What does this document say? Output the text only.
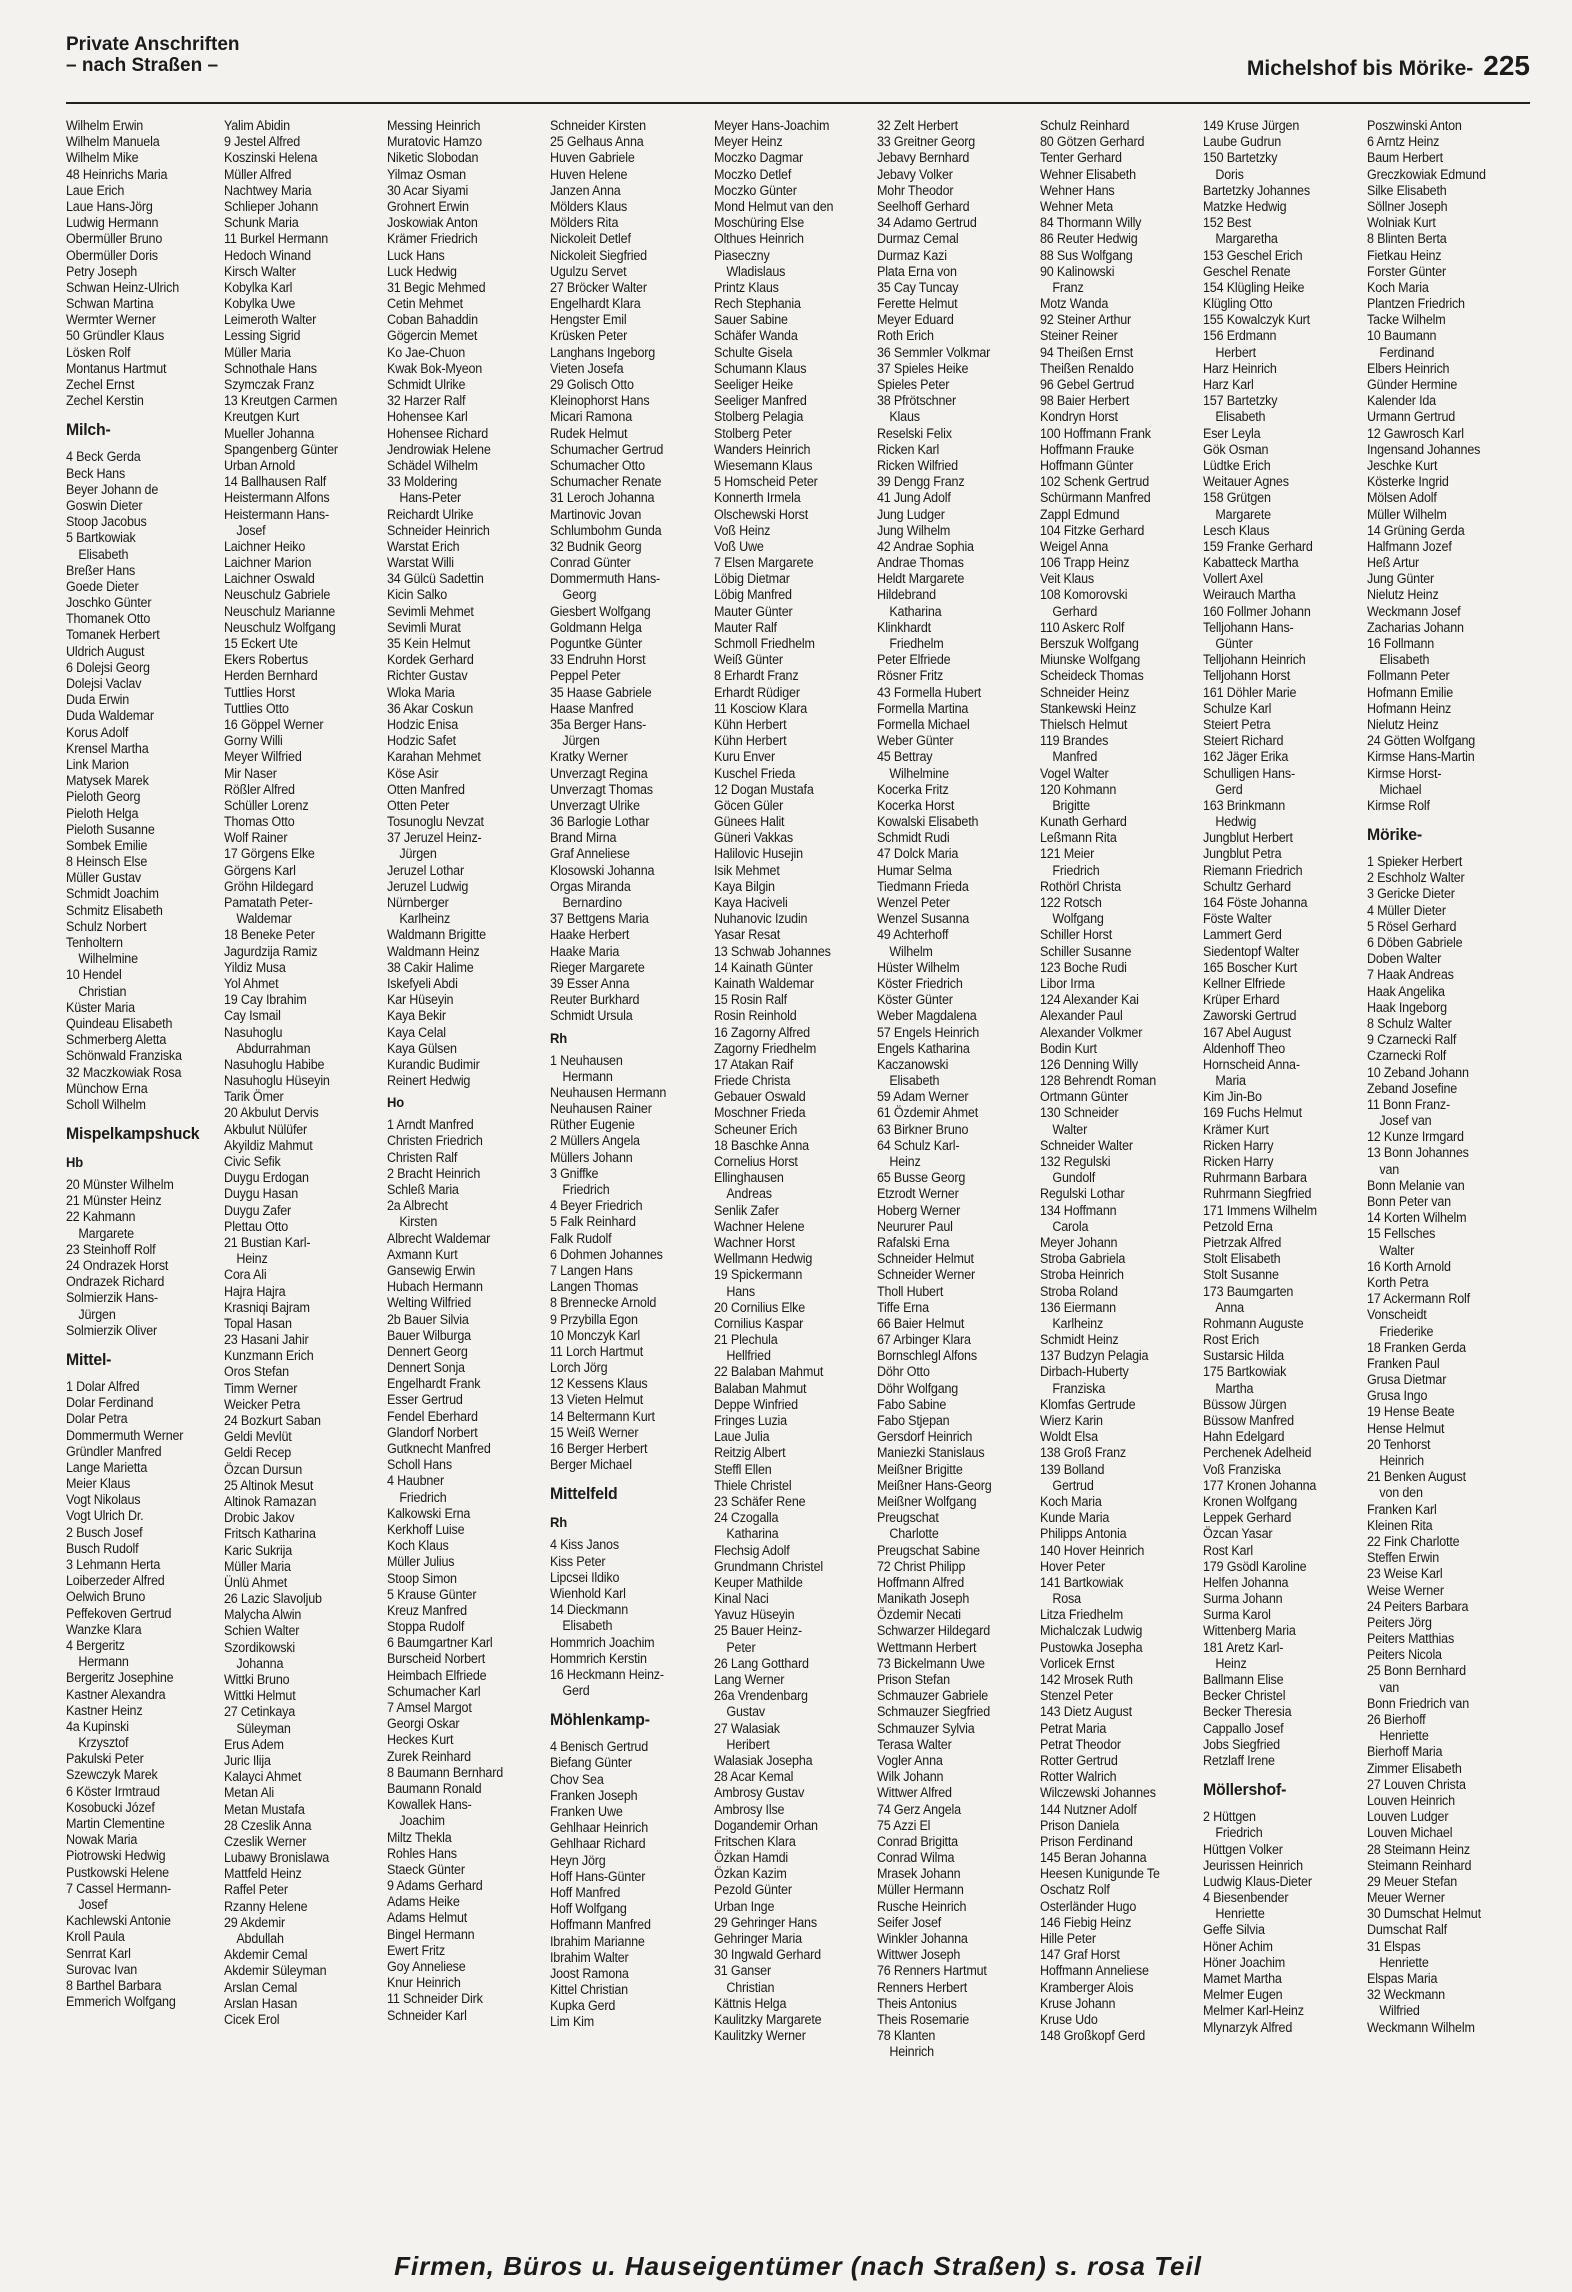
Private Anschriften
– nach Straßen –	Michelshof bis Mörike- 225
Wilhelm Erwin
Wilhelm Manuela
Wilhelm Mike
48 Heinrichs Maria
Laue Erich
Laue Hans-Jörg
Ludwig Hermann
Obermüller Bruno
Obermüller Doris
Petry Joseph
Schwan Heinz-Ulrich
Schwan Martina
Wermter Werner
50 Gründler Klaus
Lösken Rolf
Montanus Hartmut
Zechel Ernst
Zechel Kerstin
Milch-
4 Beck Gerda
Beck Hans
Beyer Johann de
Goswin Dieter
Stoop Jacobus
5 Bartkowiak
 Elisabeth
Breßer Hans
Goede Dieter
Joschko Günter
Thomanek Otto
Tomanek Herbert
Uldrich August
6 Dolejsi Georg
Dolejsi Vaclav
Duda Erwin
Duda Waldemar
Korus Adolf
Krensel Martha
Link Marion
Matysek Marek
Pieloth Georg
Pieloth Helga
Pieloth Susanne
Sombek Emilie
8 Heinsch Else
Müller Gustav
Schmidt Joachim
Schmitz Elisabeth
Schulz Norbert
Tenholtern
 Wilhelmine
10 Hendel
 Christian
Küster Maria
Quindeau Elisabeth
Schmerberg Aletta
Schönwald Franziska
32 Maczkowiak Rosa
Münchow Erna
Scholl Wilhelm
Mispelkampshuck
Hb
20 Münster Wilhelm
21 Münster Heinz
22 Kahmann
 Margarete
23 Steinhoff Rolf
24 Ondrazek Horst
Ondrazek Richard
Solmierzik Hans-
 Jürgen
Solmierzik Oliver
Mittel-
1 Dolar Alfred
Dolar Ferdinand
Dolar Petra
Dommermuth Werner
Gründler Manfred
Lange Marietta
Meier Klaus
Vogt Nikolaus
Vogt Ulrich Dr.
2 Busch Josef
Busch Rudolf
3 Lehmann Herta
Loiberzeder Alfred
Oelwich Bruno
Peffekoven Gertrud
Wanzke Klara
4 Bergeritz
 Hermann
Bergeritz Josephine
Kastner Alexandra
Kastner Heinz
4a Kupinski
 Krzysztof
Pakulski Peter
Szewczyk Marek
6 Köster Irmtraud
Kosobucki Józef
Martin Clementine
Nowak Maria
Piotrowski Hedwig
Pustkowski Helene
7 Cassel Hermann-
 Josef
Kachlewski Antonie
Kroll Paula
Senrrat Karl
Surovac Ivan
8 Barthel Barbara
Emmerich Wolfgang
Yalim Abidin
9 Jestel Alfred
Koszinski Helena
Müller Alfred
Nachtwey Maria
Schlieper Johann
Schunk Maria
11 Burkel Hermann
Hedoch Winand
Kirsch Walter
Kobylka Karl
Kobylka Uwe
Leimeroth Walter
Lessing Sigrid
Müller Maria
Schnothale Hans
Szymczak Franz
13 Kreutgen Carmen
Kreutgen Kurt
Mueller Johanna
Spangenberg Günter
Urban Arnold
14 Ballhausen Ralf
Heistermann Alfons
Heistermann Hans-
 Josef
Laichner Heiko
Laichner Marion
Laichner Oswald
Neuschulz Gabriele
Neuschulz Marianne
Neuschulz Wolfgang
15 Eckert Ute
Ekers Robertus
Herden Bernhard
Tuttlies Horst
Tuttlies Otto
16 Göppel Werner
Gorny Willi
Meyer Wilfried
Mir Naser
Rößler Alfred
Schüller Lorenz
Thomas Otto
Wolf Rainer
17 Görgens Elke
Görgens Karl
Gröhn Hildegard
Pamatath Peter-
 Waldemar
18 Beneke Peter
Jagurdzija Ramiz
Yildiz Musa
Yol Ahmet
19 Cay Ibrahim
Cay Ismail
Nasuhoglu
 Abdurrahman
Nasuhoglu Habibe
Nasuhoglu Hüseyin
Tarik Ömer
20 Akbulut Dervis
Akbulut Nülüfer
Akyildiz Mahmut
Civic Sefik
Duygu Erdogan
Duygu Hasan
Duygu Zafer
Plettau Otto
21 Bustian Karl-
 Heinz
Cora Ali
Hajra Hajra
Krasniqi Bajram
Topal Hasan
23 Hasani Jahir
Kunzmann Erich
Oros Stefan
Timm Werner
Weicker Petra
24 Bozkurt Saban
Geldi Mevlüt
Geldi Recep
Özcan Dursun
25 Altinok Mesut
Altinok Ramazan
Drobic Jakov
Fritsch Katharina
Karic Sukrija
Müller Maria
Ünlü Ahmet
26 Lazic Slavoljub
Malycha Alwin
Schien Walter
Szordikowski
 Johanna
Wittki Bruno
Wittki Helmut
27 Cetinkaya
 Süleyman
Erus Adem
Juric Ilija
Kalayci Ahmet
Metan Ali
Metan Mustafa
28 Czeslik Anna
Czeslik Werner
Lubawy Bronislawa
Mattfeld Heinz
Raffel Peter
Rzanny Helene
29 Akdemir
 Abdullah
Akdemir Cemal
Akdemir Süleyman
Arslan Cemal
Arslan Hasan
Cicek Erol
Messing Heinrich
Muratovic Hamzo
Niketic Slobodan
Yilmaz Osman
30 Acar Siyami
Grohnert Erwin
Joskowiak Anton
Krämer Friedrich
Luck Hans
Luck Hedwig
31 Begic Mehmed
Cetin Mehmet
Coban Bahaddin
Gögercin Memet
Ko Jae-Chuon
Kwak Bok-Myeon
Schmidt Ulrike
32 Harzer Ralf
Hohensee Karl
Hohensee Richard
Jendrowiak Helene
Schädel Wilhelm
33 Moldering
 Hans-Peter
Reichardt Ulrike
Schneider Heinrich
Warstat Erich
Warstat Willi
34 Gülcü Sadettin
Kicin Salko
Sevimli Mehmet
Sevimli Murat
35 Kein Helmut
Kordek Gerhard
Richter Gustav
Wloka Maria
36 Akar Coskun
Hodzic Enisa
Hodzic Safet
Karahan Mehmet
Köse Asir
Otten Manfred
Otten Peter
Tosunoglu Nevzat
37 Jeruzel Heinz-
 Jürgen
Jeruzel Lothar
Jeruzel Ludwig
Nürnberger
 Karlheinz
Waldmann Brigitte
Waldmann Heinz
38 Cakir Halime
Iskefyeli Abdi
Kar Hüseyin
Kaya Bekir
Kaya Celal
Kaya Gülsen
Kurandic Budimir
Reinert Hedwig
Ho
1 Arndt Manfred
Christen Friedrich
Christen Ralf
2 Bracht Heinrich
Schleß Maria
2a Albrecht
 Kirsten
Albrecht Waldemar
Axmann Kurt
Gansewig Erwin
Hubach Hermann
Welting Wilfried
2b Bauer Silvia
Bauer Wilburga
Dennert Georg
Dennert Sonja
Engelhardt Frank
Esser Gertrud
Fendel Eberhard
Glandorf Norbert
Gutknecht Manfred
Scholl Hans
4 Haubner
 Friedrich
Kalkowski Erna
Kerkhoff Luise
Koch Klaus
Müller Julius
Stoop Simon
5 Krause Günter
Kreuz Manfred
Stoppa Rudolf
6 Baumgartner Karl
Burscheid Norbert
Heimbach Elfriede
Schumacher Karl
7 Amsel Margot
Georgi Oskar
Heckes Kurt
Zurek Reinhard
8 Baumann Bernhard
Baumann Ronald
Kowallek Hans-
 Joachim
Miltz Thekla
Rohles Hans
Staeck Günter
9 Adams Gerhard
Adams Heike
Adams Helmut
Bingel Hermann
Ewert Fritz
Goy Anneliese
Knur Heinrich
11 Schneider Dirk
Schneider Karl
Schneider Kirsten
25 Gelhaus Anna
Huven Gabriele
Huven Helene
Janzen Anna
Mölders Klaus
Mölders Rita
Nickoleit Detlef
Nickoleit Siegfried
Ugulzu Servet
27 Bröcker Walter
Engelhardt Klara
Hengster Emil
Krüsken Peter
Langhans Ingeborg
Vieten Josefa
29 Golisch Otto
Kleinophorst Hans
Micari Ramona
Rudek Helmut
Schumacher Gertrud
Schumacher Otto
Schumacher Renate
31 Leroch Johanna
Martinovic Jovan
Schlumbohm Gunda
32 Budnik Georg
Conrad Günter
Dommermuth Hans-
 Georg
Giesbert Wolfgang
Goldmann Helga
Poguntke Günter
33 Endruhn Horst
Peppel Peter
35 Haase Gabriele
Haase Manfred
35a Berger Hans-
 Jürgen
Kratky Werner
Unverzagt Regina
Unverzagt Thomas
Unverzagt Ulrike
36 Barlogie Lothar
Brand Mirna
Graf Anneliese
Klosowski Johanna
Orgas Miranda
 Bernardino
37 Bettgens Maria
Haake Herbert
Haake Maria
Rieger Margarete
39 Esser Anna
Reuter Burkhard
Schmidt Ursula
Rh
1 Neuhausen
 Hermann
Neuhausen Hermann
Neuhausen Rainer
Rüther Eugenie
2 Müllers Angela
Müllers Johann
3 Gniffke
 Friedrich
4 Beyer Friedrich
5 Falk Reinhard
Falk Rudolf
6 Dohmen Johannes
7 Langen Hans
Langen Thomas
8 Brennecke Arnold
9 Przybilla Egon
10 Monczyk Karl
11 Lorch Hartmut
Lorch Jörg
12 Kessens Klaus
13 Vieten Helmut
14 Beltermann Kurt
15 Weiß Werner
16 Berger Herbert
Berger Michael
Mittelfeld
Rh
4 Kiss Janos
Kiss Peter
Lipcsei Ildiko
Wienhold Karl
14 Dieckmann
 Elisabeth
Hommrich Joachim
Hommrich Kerstin
16 Heckmann Heinz-
 Gerd
Möhlenkamp-
4 Benisch Gertrud
Biefang Günter
Chov Sea
Franken Joseph
Franken Uwe
Gehlhaar Heinrich
Gehlhaar Richard
Heyn Jörg
Hoff Hans-Günter
Hoff Manfred
Hoff Wolfgang
Hoffmann Manfred
Ibrahim Marianne
Ibrahim Walter
Joost Ramona
Kittel Christian
Kupka Gerd
Lim Kim
Meyer Hans-Joachim
Meyer Heinz
Moczko Dagmar
Moczko Detlef
Moczko Günter
Mond Helmut van den
Moschüring Else
Olthues Heinrich
Piaseczny
 Wladislaus
Printz Klaus
Rech Stephania
Sauer Sabine
Schäfer Wanda
Schulte Gisela
Schumann Klaus
Seeliger Heike
Seeliger Manfred
Stolberg Pelagia
Stolberg Peter
Wanders Heinrich
Wiesemann Klaus
5 Homscheid Peter
Konnerth Irmela
Olschewski Horst
Voß Heinz
Voß Uwe
7 Elsen Margarete
Löbig Dietmar
Löbig Manfred
Mauter Günter
Mauter Ralf
Schmoll Friedhelm
Weiß Günter
8 Erhardt Franz
Erhardt Rüdiger
11 Kosciow Klara
Kühn Herbert
Kühn Herbert
Kuru Enver
Kuschel Frieda
12 Dogan Mustafa
Göcen Güler
Günees Halit
Güneri Vakkas
Halilovic Husejin
Isik Mehmet
Kaya Bilgin
Kaya Haciveli
Nuhanovic Izudin
Yasar Resat
13 Schwab Johannes
14 Kainath Günter
Kainath Waldemar
15 Rosin Ralf
Rosin Reinhold
16 Zagorny Alfred
Zagorny Friedhelm
17 Atakan Raif
Friede Christa
Gebauer Oswald
Moschner Frieda
Scheuner Erich
18 Baschke Anna
Cornelius Horst
Ellinghausen
 Andreas
Senlik Zafer
Wachner Helene
Wachner Horst
Wellmann Hedwig
19 Spickermann
 Hans
20 Cornilius Elke
Cornilius Kaspar
21 Plechula
 Hellfried
22 Balaban Mahmut
Balaban Mahmut
Deppe Winfried
Fringes Luzia
Laue Julia
Reitzig Albert
Steffl Ellen
Thiele Christel
23 Schäfer Rene
24 Czogalla
 Katharina
Flechsig Adolf
Grundmann Christel
Keuper Mathilde
Kinal Naci
Yavuz Hüseyin
25 Bauer Heinz-
 Peter
26 Lang Gotthard
Lang Werner
26a Vrendenbarg
 Gustav
27 Walasiak
 Heribert
Walasiak Josepha
28 Acar Kemal
Ambrosy Gustav
Ambrosy Ilse
Dogandemir Orhan
Fritschen Klara
Özkan Hamdi
Özkan Kazim
Pezold Günter
Urban Inge
29 Gehringer Hans
Gehringer Maria
30 Ingwald Gerhard
31 Ganser
 Christian
Kättnis Helga
Kaulitzky Margarete
Kaulitzky Werner
32 Zelt Herbert
33 Greitner Georg
Jebavy Bernhard
Jebavy Volker
Mohr Theodor
Seelhoff Gerhard
34 Adamo Gertrud
Durmaz Cemal
Durmaz Kazi
Plata Erna von
35 Cay Tuncay
Ferette Helmut
Meyer Eduard
Roth Erich
36 Semmler Volkmar
37 Spieles Heike
Spieles Peter
38 Pfrötschner
 Klaus
Reselski Felix
Ricken Karl
Ricken Wilfried
39 Dengg Franz
41 Jung Adolf
Jung Ludger
Jung Wilhelm
42 Andrae Sophia
Andrae Thomas
Heldt Margarete
Hildebrand
 Katharina
Klinkhardt
 Friedhelm
Peter Elfriede
Rösner Fritz
43 Formella Hubert
Formella Martina
Formella Michael
Weber Günter
45 Bettray
 Wilhelmine
Kocerka Fritz
Kocerka Horst
Kowalski Elisabeth
Schmidt Rudi
47 Dolck Maria
Humar Selma
Tiedmann Frieda
Wenzel Peter
Wenzel Susanna
49 Achterhoff
 Wilhelm
Hüster Wilhelm
Köster Friedrich
Köster Günter
Weber Magdalena
57 Engels Heinrich
Engels Katharina
Kaczanowski
 Elisabeth
59 Adam Werner
61 Özdemir Ahmet
63 Birkner Bruno
64 Schulz Karl-
 Heinz
65 Busse Georg
Etzrodt Werner
Hoberg Werner
Neururer Paul
Rafalski Erna
Schneider Helmut
Schneider Werner
Tholl Hubert
Tiffe Erna
66 Baier Helmut
67 Arbinger Klara
Bornschlegl Alfons
Döhr Otto
Döhr Wolfgang
Fabo Sabine
Fabo Stjepan
Gersdorf Heinrich
Maniezki Stanislaus
Meißner Brigitte
Meißner Hans-Georg
Meißner Wolfgang
Preugschat
 Charlotte
Preugschat Sabine
72 Christ Philipp
Hoffmann Alfred
Manikath Joseph
Özdemir Necati
Schwarzer Hildegard
Wettmann Herbert
73 Bickelmann Uwe
Prison Stefan
Schmauzer Gabriele
Schmauzer Siegfried
Schmauzer Sylvia
Terasa Walter
Vogler Anna
Wilk Johann
Wittwer Alfred
74 Gerz Angela
75 Azzi El
Conrad Brigitta
Conrad Wilma
Mrasek Johann
Müller Hermann
Rusche Heinrich
Seifer Josef
Winkler Johanna
Wittwer Joseph
76 Renners Hartmut
Renners Herbert
Theis Antonius
Theis Rosemarie
78 Klanten
 Heinrich
Schulz Reinhard
80 Götzen Gerhard
Tenter Gerhard
Wehner Elisabeth
Wehner Hans
Wehner Meta
84 Thormann Willy
86 Reuter Hedwig
88 Sus Wolfgang
90 Kalinowski
 Franz
Motz Wanda
92 Steiner Arthur
Steiner Reiner
94 Theißen Ernst
Theißen Renaldo
96 Gebel Gertrud
98 Baier Herbert
Kondryn Horst
100 Hoffmann Frank
Hoffmann Frauke
Hoffmann Günter
102 Schenk Gertrud
Schürmann Manfred
Zappl Edmund
104 Fitzke Gerhard
Weigel Anna
106 Trapp Heinz
Veit Klaus
108 Komorovski
 Gerhard
110 Askerc Rolf
Berszuk Wolfgang
Miunske Wolfgang
Scheideck Thomas
Schneider Heinz
Stankewski Heinz
Thielsch Helmut
119 Brandes
 Manfred
Vogel Walter
120 Kohmann
 Brigitte
Kunath Gerhard
Leßmann Rita
121 Meier
 Friedrich
Rothörl Christa
122 Rotsch
 Wolfgang
Schiller Horst
Schiller Susanne
123 Boche Rudi
Libor Irma
124 Alexander Kai
Alexander Paul
Alexander Volkmer
Bodin Kurt
126 Denning Willy
128 Behrendt Roman
Ortmann Günter
130 Schneider
 Walter
Schneider Walter
132 Regulski
 Gundolf
Regulski Lothar
134 Hoffmann
 Carola
Meyer Johann
Stroba Gabriela
Stroba Heinrich
Stroba Roland
136 Eiermann
 Karlheinz
Schmidt Heinz
137 Budzyn Pelagia
Dirbach-Huberty
 Franziska
Klomfas Gertrude
Wierz Karin
Woldt Elsa
138 Groß Franz
139 Bolland
 Gertrud
Koch Maria
Kunde Maria
Philipps Antonia
140 Hover Heinrich
Hover Peter
141 Bartkowiak
 Rosa
Litza Friedhelm
Michalczak Ludwig
Pustowka Josepha
Vorlicek Ernst
142 Mrosek Ruth
Stenzel Peter
143 Dietz August
Petrat Maria
Petrat Theodor
Rotter Gertrud
Rotter Walrich
Wilczewski Johannes
144 Nutzner Adolf
Prison Daniela
Prison Ferdinand
145 Beran Johanna
Heesen Kunigunde Te
Oschatz Rolf
Osterländer Hugo
146 Fiebig Heinz
Hille Peter
147 Graf Horst
Hoffmann Anneliese
Kramberger Alois
Kruse Johann
Kruse Udo
148 Großkopf Gerd
149 Kruse Jürgen
Laube Gudrun
150 Bartetzky
 Doris
Bartetzky Johannes
Matzke Hedwig
152 Best
 Margaretha
153 Geschel Erich
Geschel Renate
154 Klügling Heike
Klügling Otto
155 Kowalczyk Kurt
156 Erdmann
 Herbert
Harz Heinrich
Harz Karl
157 Bartetzky
 Elisabeth
Eser Leyla
Gök Osman
Lüdtke Erich
Weitauer Agnes
158 Grütgen
 Margarete
Lesch Klaus
159 Franke Gerhard
Kabatteck Martha
Vollert Axel
Weirauch Martha
160 Follmer Johann
Telljohann Hans-
 Günter
Telljohann Heinrich
Telljohann Horst
161 Döhler Marie
Schulze Karl
Steiert Petra
Steiert Richard
162 Jäger Erika
Schulligen Hans-
 Gerd
163 Brinkmann
 Hedwig
Jungblut Herbert
Jungblut Petra
Riemann Friedrich
Schultz Gerhard
164 Föste Johanna
Föste Walter
Lammert Gerd
Siedentopf Walter
165 Boscher Kurt
Kellner Elfriede
Krüper Erhard
Zaworski Gertrud
167 Abel August
Aldenhoff Theo
Hornscheid Anna-
 Maria
Kim Jin-Bo
169 Fuchs Helmut
Krämer Kurt
Ricken Harry
Ricken Harry
Ruhrmann Barbara
Ruhrmann Siegfried
171 Immens Wilhelm
Petzold Erna
Pietrzak Alfred
Stolt Elisabeth
Stolt Susanne
173 Baumgarten
 Anna
Rohmann Auguste
Rost Erich
Sustarsic Hilda
175 Bartkowiak
 Martha
Büssow Jürgen
Büssow Manfred
Hahn Edelgard
Perchenek Adelheid
Voß Franziska
177 Kronen Johanna
Kronen Wolfgang
Leppek Gerhard
Özcan Yasar
Rost Karl
179 Gsödl Karoline
Helfen Johanna
Surma Johann
Surma Karol
Wittenberg Maria
181 Aretz Karl-
 Heinz
Ballmann Elise
Becker Christel
Becker Theresia
Cappallo Josef
Jobs Siegfried
Retzlaff Irene
Möllershof-
2 Hüttgen
 Friedrich
Hüttgen Volker
Jeurissen Heinrich
Ludwig Klaus-Dieter
4 Biesenbender
 Henriette
Geffe Silvia
Höner Achim
Höner Joachim
Mamet Martha
Melmer Eugen
Melmer Karl-Heinz
Mlynarzyk Alfred
Poszwinski Anton
6 Arntz Heinz
Baum Herbert
Greczkowiak Edmund
Silke Elisabeth
Söllner Joseph
Wolniak Kurt
8 Blinten Berta
Fietkau Heinz
Forster Günter
Koch Maria
Plantzen Friedrich
Tacke Wilhelm
10 Baumann
 Ferdinand
Elbers Heinrich
Günder Hermine
Kalender Ida
Urmann Gertrud
12 Gawrosch Karl
Ingensand Johannes
Jeschke Kurt
Kösterke Ingrid
Mölsen Adolf
Müller Wilhelm
14 Grüning Gerda
Halfmann Jozef
Heß Artur
Jung Günter
Nielutz Heinz
Weckmann Josef
Zacharias Johann
16 Follmann
 Elisabeth
Follmann Peter
Hofmann Emilie
Hofmann Heinz
Nielutz Heinz
24 Götten Wolfgang
Kirmse Hans-Martin
Kirmse Horst-
 Michael
Kirmse Rolf
Mörike-
1 Spieker Herbert
2 Eschholz Walter
3 Gericke Dieter
4 Müller Dieter
5 Rösel Gerhard
6 Döben Gabriele
Doben Walter
7 Haak Andreas
Haak Angelika
Haak Ingeborg
8 Schulz Walter
9 Czarnecki Ralf
Czarnecki Rolf
10 Zeband Johann
Zeband Josefine
11 Bonn Franz-
 Josef van
12 Kunze Irmgard
13 Bonn Johannes
 van
Bonn Melanie van
Bonn Peter van
14 Korten Wilhelm
15 Fellsches
 Walter
16 Korth Arnold
Korth Petra
17 Ackermann Rolf
Vonscheidt
 Friederike
18 Franken Gerda
Franken Paul
Grusa Dietmar
Grusa Ingo
19 Hense Beate
Hense Helmut
20 Tenhorst
 Heinrich
21 Benken August
 von den
Franken Karl
Kleinen Rita
22 Fink Charlotte
Steffen Erwin
23 Weise Karl
Weise Werner
24 Peiters Barbara
Peiters Jörg
Peiters Matthias
Peiters Nicola
25 Bonn Bernhard
 van
Bonn Friedrich van
26 Bierhoff
 Henriette
Bierhoff Maria
Zimmer Elisabeth
27 Louven Christa
Louven Heinrich
Louven Ludger
Louven Michael
28 Steimann Heinz
Steimann Reinhard
29 Meuer Stefan
Meuer Werner
30 Dumschat Helmut
Dumschat Ralf
31 Elspas
 Henriette
Elspas Maria
32 Weckmann
 Wilfried
Weckmann Wilhelm
Firmen, Büros u. Hauseigentümer (nach Straßen) s. rosa Teil
